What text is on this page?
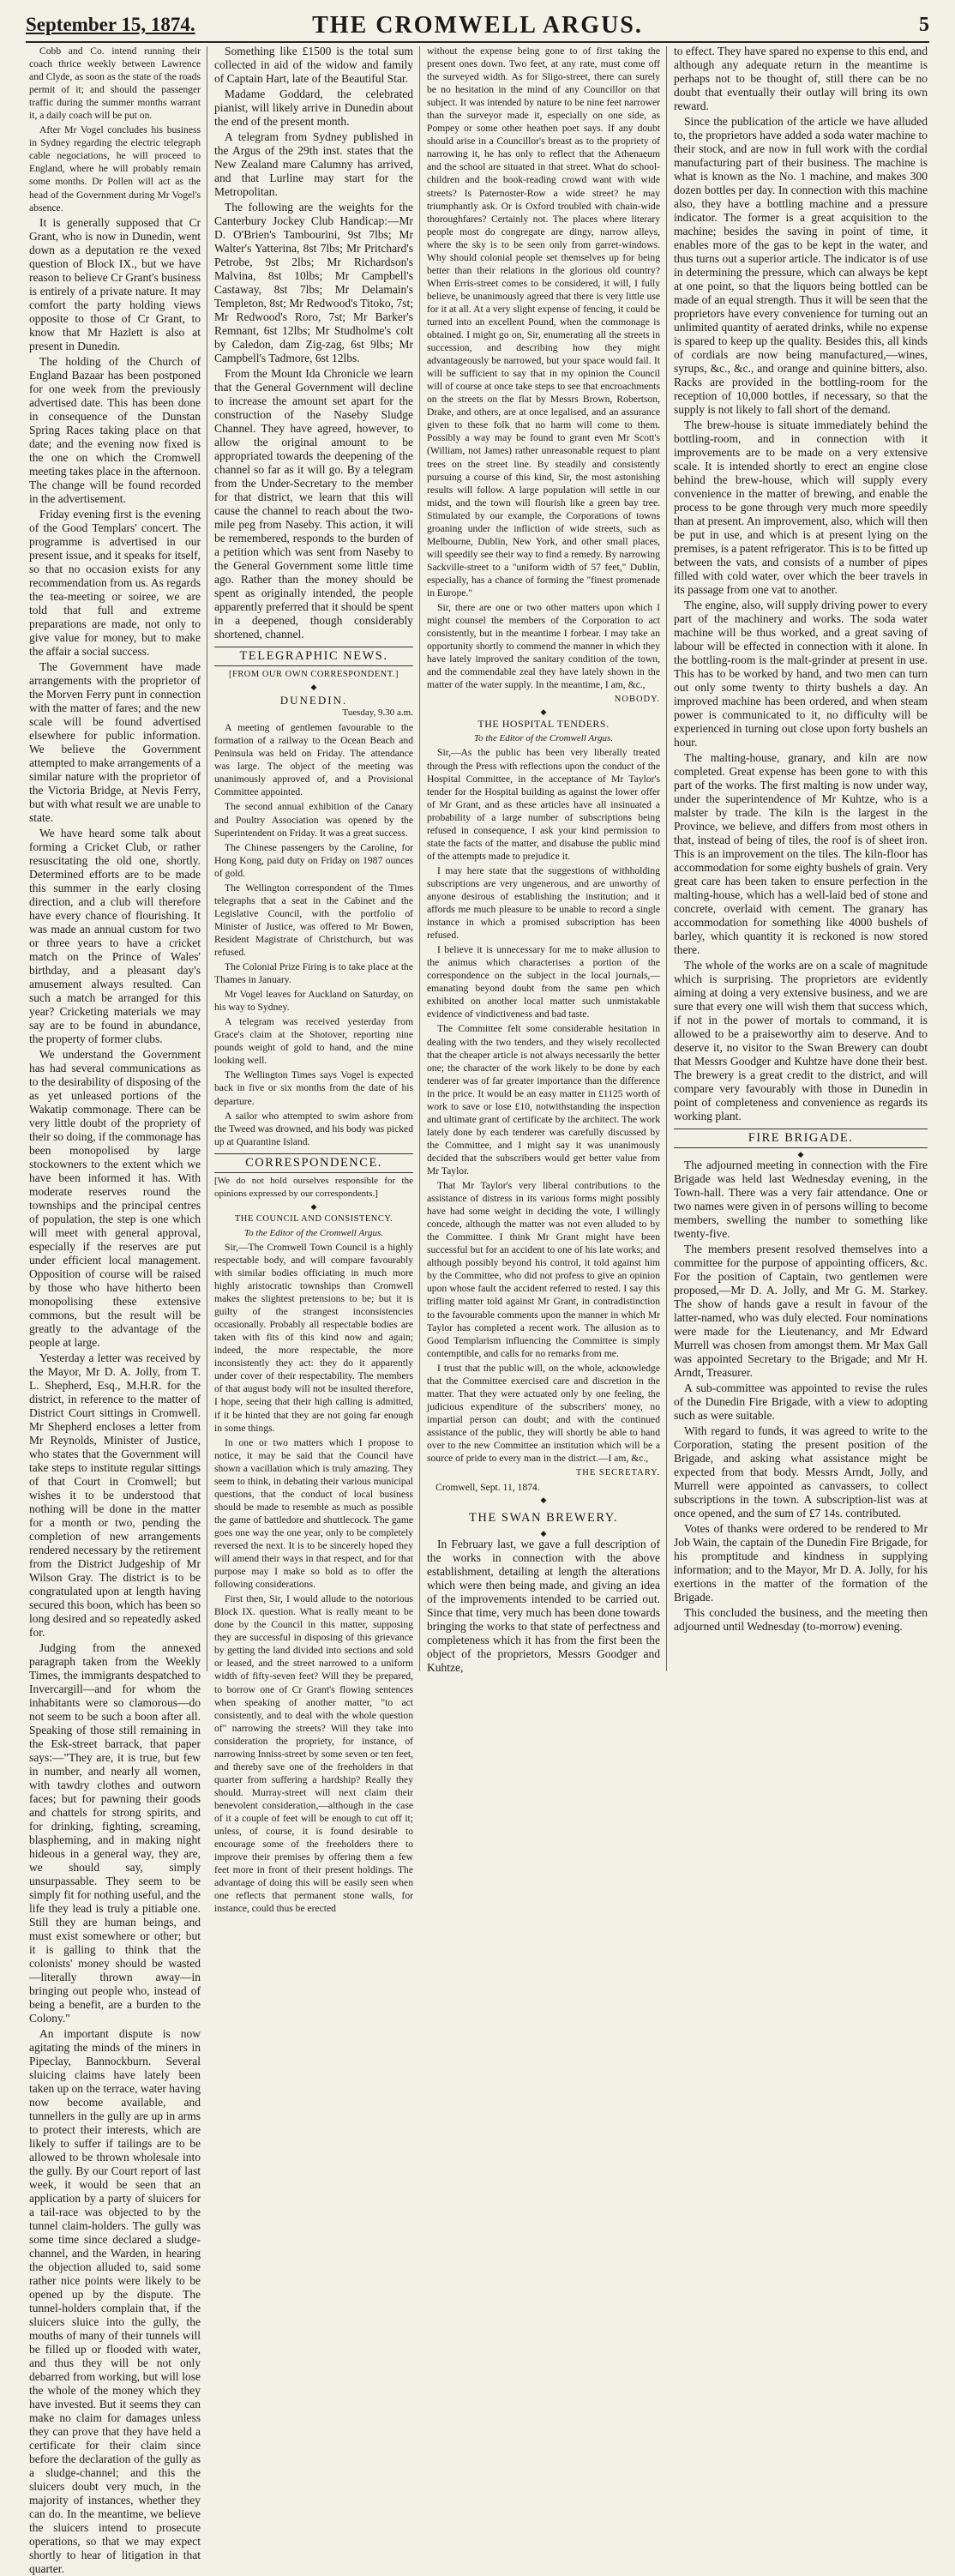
September 15, 1874.	THE CROMWELL ARGUS.	5

Cobb and Co. intend running their coach thrice weekly between Lawrence and Clyde, as soon as the state of the roads permit of it; and should the passenger traffic during the summer months warrant it, a daily coach will be put on.

After Mr Vogel concludes his business in Sydney regarding the electric telegraph cable negociations, he will proceed to England, where he will probably remain some months. Dr Pollen will act as the head of the Government during Mr Vogel's absence.

It is generally supposed that Cr Grant, who is now in Dunedin, went down as a deputation re the vexed question of Block IX., but we have reason to believe Cr Grant's business is entirely of a private nature. It may comfort the party holding views opposite to those of Cr Grant, to know that Mr Hazlett is also at present in Dunedin.

The holding of the Church of England Bazaar has been postponed for one week from the previously advertised date. This has been done in consequence of the Dunstan Spring Races taking place on that date; and the evening now fixed is the one on which the Cromwell meeting takes place in the afternoon. The change will be found recorded in the advertisement.

Friday evening first is the evening of the Good Templars' concert. The programme is advertised in our present issue, and it speaks for itself, so that no occasion exists for any recommendation from us. As regards the tea-meeting or soiree, we are told that full and extreme preparations are made, not only to give value for money, but to make the affair a social success.

The Government have made arrangements with the proprietor of the Morven Ferry punt in connection with the matter of fares; and the new scale will be found advertised elsewhere for public information. We believe the Government attempted to make arrangements of a similar nature with the proprietor of the Victoria Bridge, at Nevis Ferry, but with what result we are unable to state.

We have heard some talk about forming a Cricket Club, or rather resuscitating the old one, shortly. Determined efforts are to be made this summer in the early closing direction, and a club will therefore have every chance of flourishing. It was made an annual custom for two or three years to have a cricket match on the Prince of Wales' birthday, and a pleasant day's amusement always resulted. Can such a match be arranged for this year? Cricketing materials we may say are to be found in abundance, the property of former clubs.

We understand the Government has had several communications as to the desirability of disposing of the as yet unleased portions of the Wakatip commonage. There can be very little doubt of the propriety of their so doing, if the commonage has been monopolised by large stockowners to the extent which we have been informed it has. With moderate reserves round the townships and the principal centres of population, the step is one which will meet with general approval, especially if the reserves are put under efficient local management. Opposition of course will be raised by those who have hitherto been monopolising these extensive commons, but the result will be greatly to the advantage of the people at large.

Yesterday a letter was received by the Mayor, Mr D. A. Jolly, from T. L. Shepherd, Esq., M.H.R. for the district, in reference to the matter of District Court sittings in Cromwell. Mr Shepherd encloses a letter from Mr Reynolds, Minister of Justice, who states that the Government will take steps to institute regular sittings of that Court in Cromwell; but wishes it to be understood that nothing will be done in the matter for a month or two, pending the completion of new arrangements rendered necessary by the retirement from the District Judgeship of Mr Wilson Gray. The district is to be congratulated upon at length having secured this boon, which has been so long desired and so repeatedly asked for.

Judging from the annexed paragraph taken from the Weekly Times, the immigrants despatched to Invercargill—and for whom the inhabitants were so clamorous—do not seem to be such a boon after all. Speaking of those still remaining in the Esk-street barrack, that paper says:—"They are, it is true, but few in number, and nearly all women, with tawdry clothes and outworn faces; but for pawning their goods and chattels for strong spirits, and for drinking, fighting, screaming, blaspheming, and in making night hideous in a general way, they are, we should say, simply unsurpassable. They seem to be simply fit for nothing useful, and the life they lead is truly a pitiable one. Still they are human beings, and must exist somewhere or other; but it is galling to think that the colonists' money should be wasted—literally thrown away—in bringing out people who, instead of being a benefit, are a burden to the Colony."

An important dispute is now agitating the minds of the miners in Pipeclay, Bannockburn. Several sluicing claims have lately been taken up on the terrace, water having now become available, and tunnellers in the gully are up in arms to protect their interests, which are likely to suffer if tailings are to be allowed to be thrown wholesale into the gully. By our Court report of last week, it would be seen that an application by a party of sluicers for a tail-race was objected to by the tunnel claim-holders. The gully was some time since declared a sludge-channel, and the Warden, in hearing the objection alluded to, said some rather nice points were likely to be opened up by the dispute. The tunnel-holders complain that, if the sluicers sluice into the gully, the mouths of many of their tunnels will be filled up or flooded with water, and thus they will be not only debarred from working, but will lose the whole of the money which they have invested. But it seems they can make no claim for damages unless they can prove that they have held a certificate for their claim since before the declaration of the gully as a sludge-channel; and this the sluicers doubt very much, in the majority of instances, whether they can do. In the meantime, we believe the sluicers intend to prosecute operations, so that we may expect shortly to hear of litigation in that quarter.

Something like £1500 is the total sum collected in aid of the widow and family of Captain Hart, late of the Beautiful Star.

Madame Goddard, the celebrated pianist, will likely arrive in Dunedin about the end of the present month.

A telegram from Sydney published in the Argus of the 29th inst. states that the New Zealand mare Calumny has arrived, and that Lurline may start for the Metropolitan.

The following are the weights for the Canterbury Jockey Club Handicap:—Mr D. O'Brien's Tambourini, 9st 7lbs; Mr Walter's Yatterina, 8st 7lbs; Mr Pritchard's Petrobe, 9st 2lbs; Mr Richardson's Malvina, 8st 10lbs; Mr Campbell's Castaway, 8st 7lbs; Mr Delamain's Templeton, 8st; Mr Redwood's Titoko, 7st; Mr Redwood's Roro, 7st; Mr Barker's Remnant, 6st 12lbs; Mr Studholme's colt by Caledon, dam Zig-zag, 6st 9lbs; Mr Campbell's Tadmore, 6st 12lbs.

From the Mount Ida Chronicle we learn that the General Government will decline to increase the amount set apart for the construction of the Naseby Sludge Channel. They have agreed, however, to allow the original amount to be appropriated towards the deepening of the channel so far as it will go. By a telegram from the Under-Secretary to the member for that district, we learn that this will cause the channel to reach about the two-mile peg from Naseby. This action, it will be remembered, responds to the burden of a petition which was sent from Naseby to the General Government some little time ago. Rather than the money should be spent as originally intended, the people apparently preferred that it should be spent in a deepened, though considerably shortened, channel.

TELEGRAPHIC NEWS.
[FROM OUR OWN CORRESPONDENT.]
◆
DUNEDIN.
Tuesday, 9.30 a.m.

A meeting of gentlemen favourable to the formation of a railway to the Ocean Beach and Peninsula was held on Friday. The attendance was large. The object of the meeting was unanimously approved of, and a Provisional Committee appointed.

The second annual exhibition of the Canary and Poultry Association was opened by the Superintendent on Friday. It was a great success.

The Chinese passengers by the Caroline, for Hong Kong, paid duty on Friday on 1987 ounces of gold.

The Wellington correspondent of the Times telegraphs that a seat in the Cabinet and the Legislative Council, with the portfolio of Minister of Justice, was offered to Mr Bowen, Resident Magistrate of Christchurch, but was refused.

The Colonial Prize Firing is to take place at the Thames in January.

Mr Vogel leaves for Auckland on Saturday, on his way to Sydney.

A telegram was received yesterday from Grace's claim at the Shotover, reporting nine pounds weight of gold to hand, and the mine looking well.

The Wellington Times says Vogel is expected back in five or six months from the date of his departure.

A sailor who attempted to swim ashore from the Tweed was drowned, and his body was picked up at Quarantine Island.

CORRESPONDENCE.

[We do not hold ourselves responsible for the opinions expressed by our correspondents.]

◆
THE COUNCIL AND CONSISTENCY.
To the Editor of the Cromwell Argus.

Sir,—The Cromwell Town Council is a highly respectable body, and will compare favourably with similar bodies officiating in much more highly aristocratic townships than Cromwell makes the slightest pretensions to be; but it is guilty of the strangest inconsistencies occasionally. Probably all respectable bodies are taken with fits of this kind now and again; indeed, the more respectable, the more inconsistently they act: they do it apparently under cover of their respectability. The members of that august body will not be insulted therefore, I hope, seeing that their high calling is admitted, if it be hinted that they are not going far enough in some things.

In one or two matters which I propose to notice, it may be said that the Council have shown a vacillation which is truly amazing. They seem to think, in debating their various municipal questions, that the conduct of local business should be made to resemble as much as possible the game of battledore and shuttlecock. The game goes one way the one year, only to be completely reversed the next. It is to be sincerely hoped they will amend their ways in that respect, and for that purpose may I make so bold as to offer the following considerations.

First then, Sir, I would allude to the notorious Block IX. question. What is really meant to be done by the Council in this matter, supposing they are successful in disposing of this grievance by getting the land divided into sections and sold or leased, and the street narrowed to a uniform width of fifty-seven feet? Will they be prepared, to borrow one of Cr Grant's flowing sentences when speaking of another matter, "to act consistently, and to deal with the whole question of" narrowing the streets? Will they take into consideration the propriety, for instance, of narrowing Inniss-street by some seven or ten feet, and thereby save one of the freeholders in that quarter from suffering a hardship? Really they should. Murray-street will next claim their benevolent consideration,—although in the case of it a couple of feet will be enough to cut off it; unless, of course, it is found desirable to encourage some of the freeholders there to improve their premises by offering them a few feet more in front of their present holdings. The advantage of doing this will be easily seen when one reflects that permanent stone walls, for instance, could thus be erected

without the expense being gone to of first taking the present ones down. Two feet, at any rate, must come off the surveyed width. As for Sligo-street, there can surely be no hesitation in the mind of any Councillor on that subject. It was intended by nature to be nine feet narrower than the surveyor made it, especially on one side, as Pompey or some other heathen poet says. If any doubt should arise in a Councillor's breast as to the propriety of narrowing it, he has only to reflect that the Athenaeum and the school are situated in that street. What do school-children and the book-reading crowd want with wide streets? Is Paternoster-Row a wide street? he may triumphantly ask. Or is Oxford troubled with chain-wide thoroughfares? Certainly not. The places where literary people most do congregate are dingy, narrow alleys, where the sky is to be seen only from garret-windows. Why should colonial people set themselves up for being better than their relations in the glorious old country? When Erris-street comes to be considered, it will, I fully believe, be unanimously agreed that there is very little use for it at all. At a very slight expense of fencing, it could be turned into an excellent Pound, when the commonage is obtained. I might go on, Sir, enumerating all the streets in succession, and describing how they might advantageously be narrowed, but your space would fail. It will be sufficient to say that in my opinion the Council will of course at once take steps to see that encroachments on the streets on the flat by Messrs Brown, Robertson, Drake, and others, are at once legalised, and an assurance given to these folk that no harm will come to them. Possibly a way may be found to grant even Mr Scott's (William, not James) rather unreasonable request to plant trees on the street line. By steadily and consistently pursuing a course of this kind, Sir, the most astonishing results will follow. A large population will settle in our midst, and the town will flourish like a green bay tree. Stimulated by our example, the Corporations of towns groaning under the infliction of wide streets, such as Melbourne, Dublin, New York, and other small places, will speedily see their way to find a remedy. By narrowing Sackville-street to a "uniform width of 57 feet," Dublin, especially, has a chance of forming the "finest promenade in Europe."

Sir, there are one or two other matters upon which I might counsel the members of the Corporation to act consistently, but in the meantime I forbear. I may take an opportunity shortly to commend the manner in which they have lately improved the sanitary condition of the town, and the commendable zeal they have lately shown in the matter of the water supply. In the meantime, I am, &c.,

NOBODY.
◆
THE HOSPITAL TENDERS.
To the Editor of the Cromwell Argus.

Sir,—As the public has been very liberally treated through the Press with reflections upon the conduct of the Hospital Committee, in the acceptance of Mr Taylor's tender for the Hospital building as against the lower offer of Mr Grant, and as these articles have all insinuated a probability of a large number of subscriptions being refused in consequence, I ask your kind permission to state the facts of the matter, and disabuse the public mind of the attempts made to prejudice it.

I may here state that the suggestions of withholding subscriptions are very ungenerous, and are unworthy of anyone desirous of establishing the institution; and it affords me much pleasure to be unable to record a single instance in which a promised subscription has been refused.

I believe it is unnecessary for me to make allusion to the animus which characterises a portion of the correspondence on the subject in the local journals,—emanating beyond doubt from the same pen which exhibited on another local matter such unmistakable evidence of vindictiveness and bad taste.

The Committee felt some considerable hesitation in dealing with the two tenders, and they wisely recollected that the cheaper article is not always necessarily the better one; the character of the work likely to be done by each tenderer was of far greater importance than the difference in the price. It would be an easy matter in £1125 worth of work to save or lose £10, notwithstanding the inspection and ultimate grant of certificate by the architect. The work lately done by each tenderer was carefully discussed by the Committee, and I might say it was unanimously decided that the subscribers would get better value from Mr Taylor.

That Mr Taylor's very liberal contributions to the assistance of distress in its various forms might possibly have had some weight in deciding the vote, I willingly concede, although the matter was not even alluded to by the Committee. I think Mr Grant might have been successful but for an accident to one of his late works; and although possibly beyond his control, it told against him by the Committee, who did not profess to give an opinion upon whose fault the accident referred to rested. I say this trifling matter told against Mr Grant, in contradistinction to the favourable comments upon the manner in which Mr Taylor has completed a recent work. The allusion as to Good Templarism influencing the Committee is simply contemptible, and calls for no remarks from me.

I trust that the public will, on the whole, acknowledge that the Committee exercised care and discretion in the matter. That they were actuated only by one feeling, the judicious expenditure of the subscribers' money, no impartial person can doubt; and with the continued assistance of the public, they will shortly be able to hand over to the new Committee an institution which will be a source of pride to every man in the district.—I am, &c.,

THE SECRETARY.

Cromwell, Sept. 11, 1874.

◆
THE SWAN BREWERY.
◆

In February last, we gave a full description of the works in connection with the above establishment, detailing at length the alterations which were then being made, and giving an idea of the improvements intended to be carried out. Since that time, very much has been done towards bringing the works to that state of perfectness and completeness which it has from the first been the object of the proprietors, Messrs Goodger and Kuhtze,

to effect. They have spared no expense to this end, and although any adequate return in the meantime is perhaps not to be thought of, still there can be no doubt that eventually their outlay will bring its own reward.

Since the publication of the article we have alluded to, the proprietors have added a soda water machine to their stock, and are now in full work with the cordial manufacturing part of their business. The machine is what is known as the No. 1 machine, and makes 300 dozen bottles per day. In connection with this machine also, they have a bottling machine and a pressure indicator. The former is a great acquisition to the machine; besides the saving in point of time, it enables more of the gas to be kept in the water, and thus turns out a superior article. The indicator is of use in determining the pressure, which can always be kept at one point, so that the liquors being bottled can be made of an equal strength. Thus it will be seen that the proprietors have every convenience for turning out an unlimited quantity of aerated drinks, while no expense is spared to keep up the quality. Besides this, all kinds of cordials are now being manufactured,—wines, syrups, &c., &c., and orange and quinine bitters, also. Racks are provided in the bottling-room for the reception of 10,000 bottles, if necessary, so that the supply is not likely to fall short of the demand.

The brew-house is situate immediately behind the bottling-room, and in connection with it improvements are to be made on a very extensive scale. It is intended shortly to erect an engine close behind the brew-house, which will supply every convenience in the matter of brewing, and enable the process to be gone through very much more speedily than at present. An improvement, also, which will then be put in use, and which is at present lying on the premises, is a patent refrigerator. This is to be fitted up between the vats, and consists of a number of pipes filled with cold water, over which the beer travels in its passage from one vat to another.

The engine, also, will supply driving power to every part of the machinery and works. The soda water machine will be thus worked, and a great saving of labour will be effected in connection with it alone. In the bottling-room is the malt-grinder at present in use. This has to be worked by hand, and two men can turn out only some twenty to thirty bushels a day. An improved machine has been ordered, and when steam power is communicated to it, no difficulty will be experienced in turning out close upon forty bushels an hour.

The malting-house, granary, and kiln are now completed. Great expense has been gone to with this part of the works. The first malting is now under way, under the superintendence of Mr Kuhtze, who is a malster by trade. The kiln is the largest in the Province, we believe, and differs from most others in that, instead of being of tiles, the roof is of sheet iron. This is an improvement on the tiles. The kiln-floor has accommodation for some eighty bushels of grain. Very great care has been taken to ensure perfection in the malting-house, which has a well-laid bed of stone and concrete, overlaid with cement. The granary has accommodation for something like 4000 bushels of barley, which quantity it is reckoned is now stored there.

The whole of the works are on a scale of magnitude which is surprising. The proprietors are evidently aiming at doing a very extensive business, and we are sure that every one will wish them that success which, if not in the power of mortals to command, it is allowed to be a praiseworthy aim to deserve. And to deserve it, no visitor to the Swan Brewery can doubt that Messrs Goodger and Kuhtze have done their best. The brewery is a great credit to the district, and will compare very favourably with those in Dunedin in point of completeness and convenience as regards its working plant.

FIRE BRIGADE.
◆

The adjourned meeting in connection with the Fire Brigade was held last Wednesday evening, in the Town-hall. There was a very fair attendance. One or two names were given in of persons willing to become members, swelling the number to something like twenty-five.

The members present resolved themselves into a committee for the purpose of appointing officers, &c. For the position of Captain, two gentlemen were proposed,—Mr D. A. Jolly, and Mr G. M. Starkey. The show of hands gave a result in favour of the latter-named, who was duly elected. Four nominations were made for the Lieutenancy, and Mr Edward Murrell was chosen from amongst them. Mr Max Gall was appointed Secretary to the Brigade; and Mr H. Arndt, Treasurer.

A sub-committee was appointed to revise the rules of the Dunedin Fire Brigade, with a view to adopting such as were suitable.

With regard to funds, it was agreed to write to the Corporation, stating the present position of the Brigade, and asking what assistance might be expected from that body. Messrs Arndt, Jolly, and Murrell were appointed as canvassers, to collect subscriptions in the town. A subscription-list was at once opened, and the sum of £7 14s. contributed.

Votes of thanks were ordered to be rendered to Mr Job Wain, the captain of the Dunedin Fire Brigade, for his promptitude and kindness in supplying information; and to the Mayor, Mr D. A. Jolly, for his exertions in the matter of the formation of the Brigade.

This concluded the business, and the meeting then adjourned until Wednesday (to-morrow) evening.
